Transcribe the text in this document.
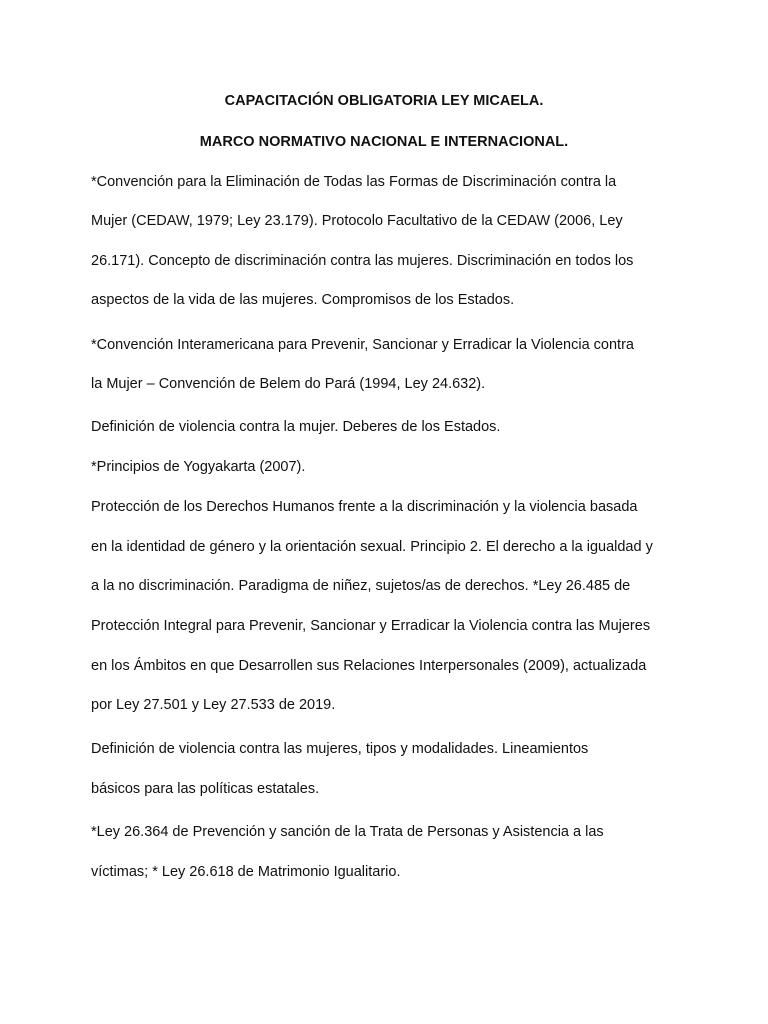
CAPACITACIÓN OBLIGATORIA LEY MICAELA.
MARCO NORMATIVO NACIONAL E INTERNACIONAL.

*Convención para la Eliminación de Todas las Formas de Discriminación contra la

Mujer (CEDAW, 1979; Ley 23.179). Protocolo Facultativo de la CEDAW (2006, Ley

26.171). Concepto de discriminación contra las mujeres. Discriminación en todos los

aspectos de la vida de las mujeres. Compromisos de los Estados.

*Convención Interamericana para Prevenir, Sancionar y Erradicar la Violencia contra

la Mujer – Convención de Belem do Pará (1994, Ley 24.632).

Definición de violencia contra la mujer. Deberes de los Estados.

*Principios de Yogyakarta (2007).

Protección de los Derechos Humanos frente a la discriminación y la violencia basada

en la identidad de género y la orientación sexual. Principio 2. El derecho a la igualdad y

a la no discriminación. Paradigma de niñez, sujetos/as de derechos. *Ley 26.485 de

Protección Integral para Prevenir, Sancionar y Erradicar la Violencia contra las Mujeres

en los Ámbitos en que Desarrollen sus Relaciones Interpersonales (2009), actualizada

por Ley 27.501 y Ley 27.533 de 2019.

Definición de violencia contra las mujeres, tipos y modalidades. Lineamientos

básicos para las políticas estatales.

*Ley 26.364 de Prevención y sanción de la Trata de Personas y Asistencia a las

víctimas; * Ley 26.618 de Matrimonio Igualitario.
